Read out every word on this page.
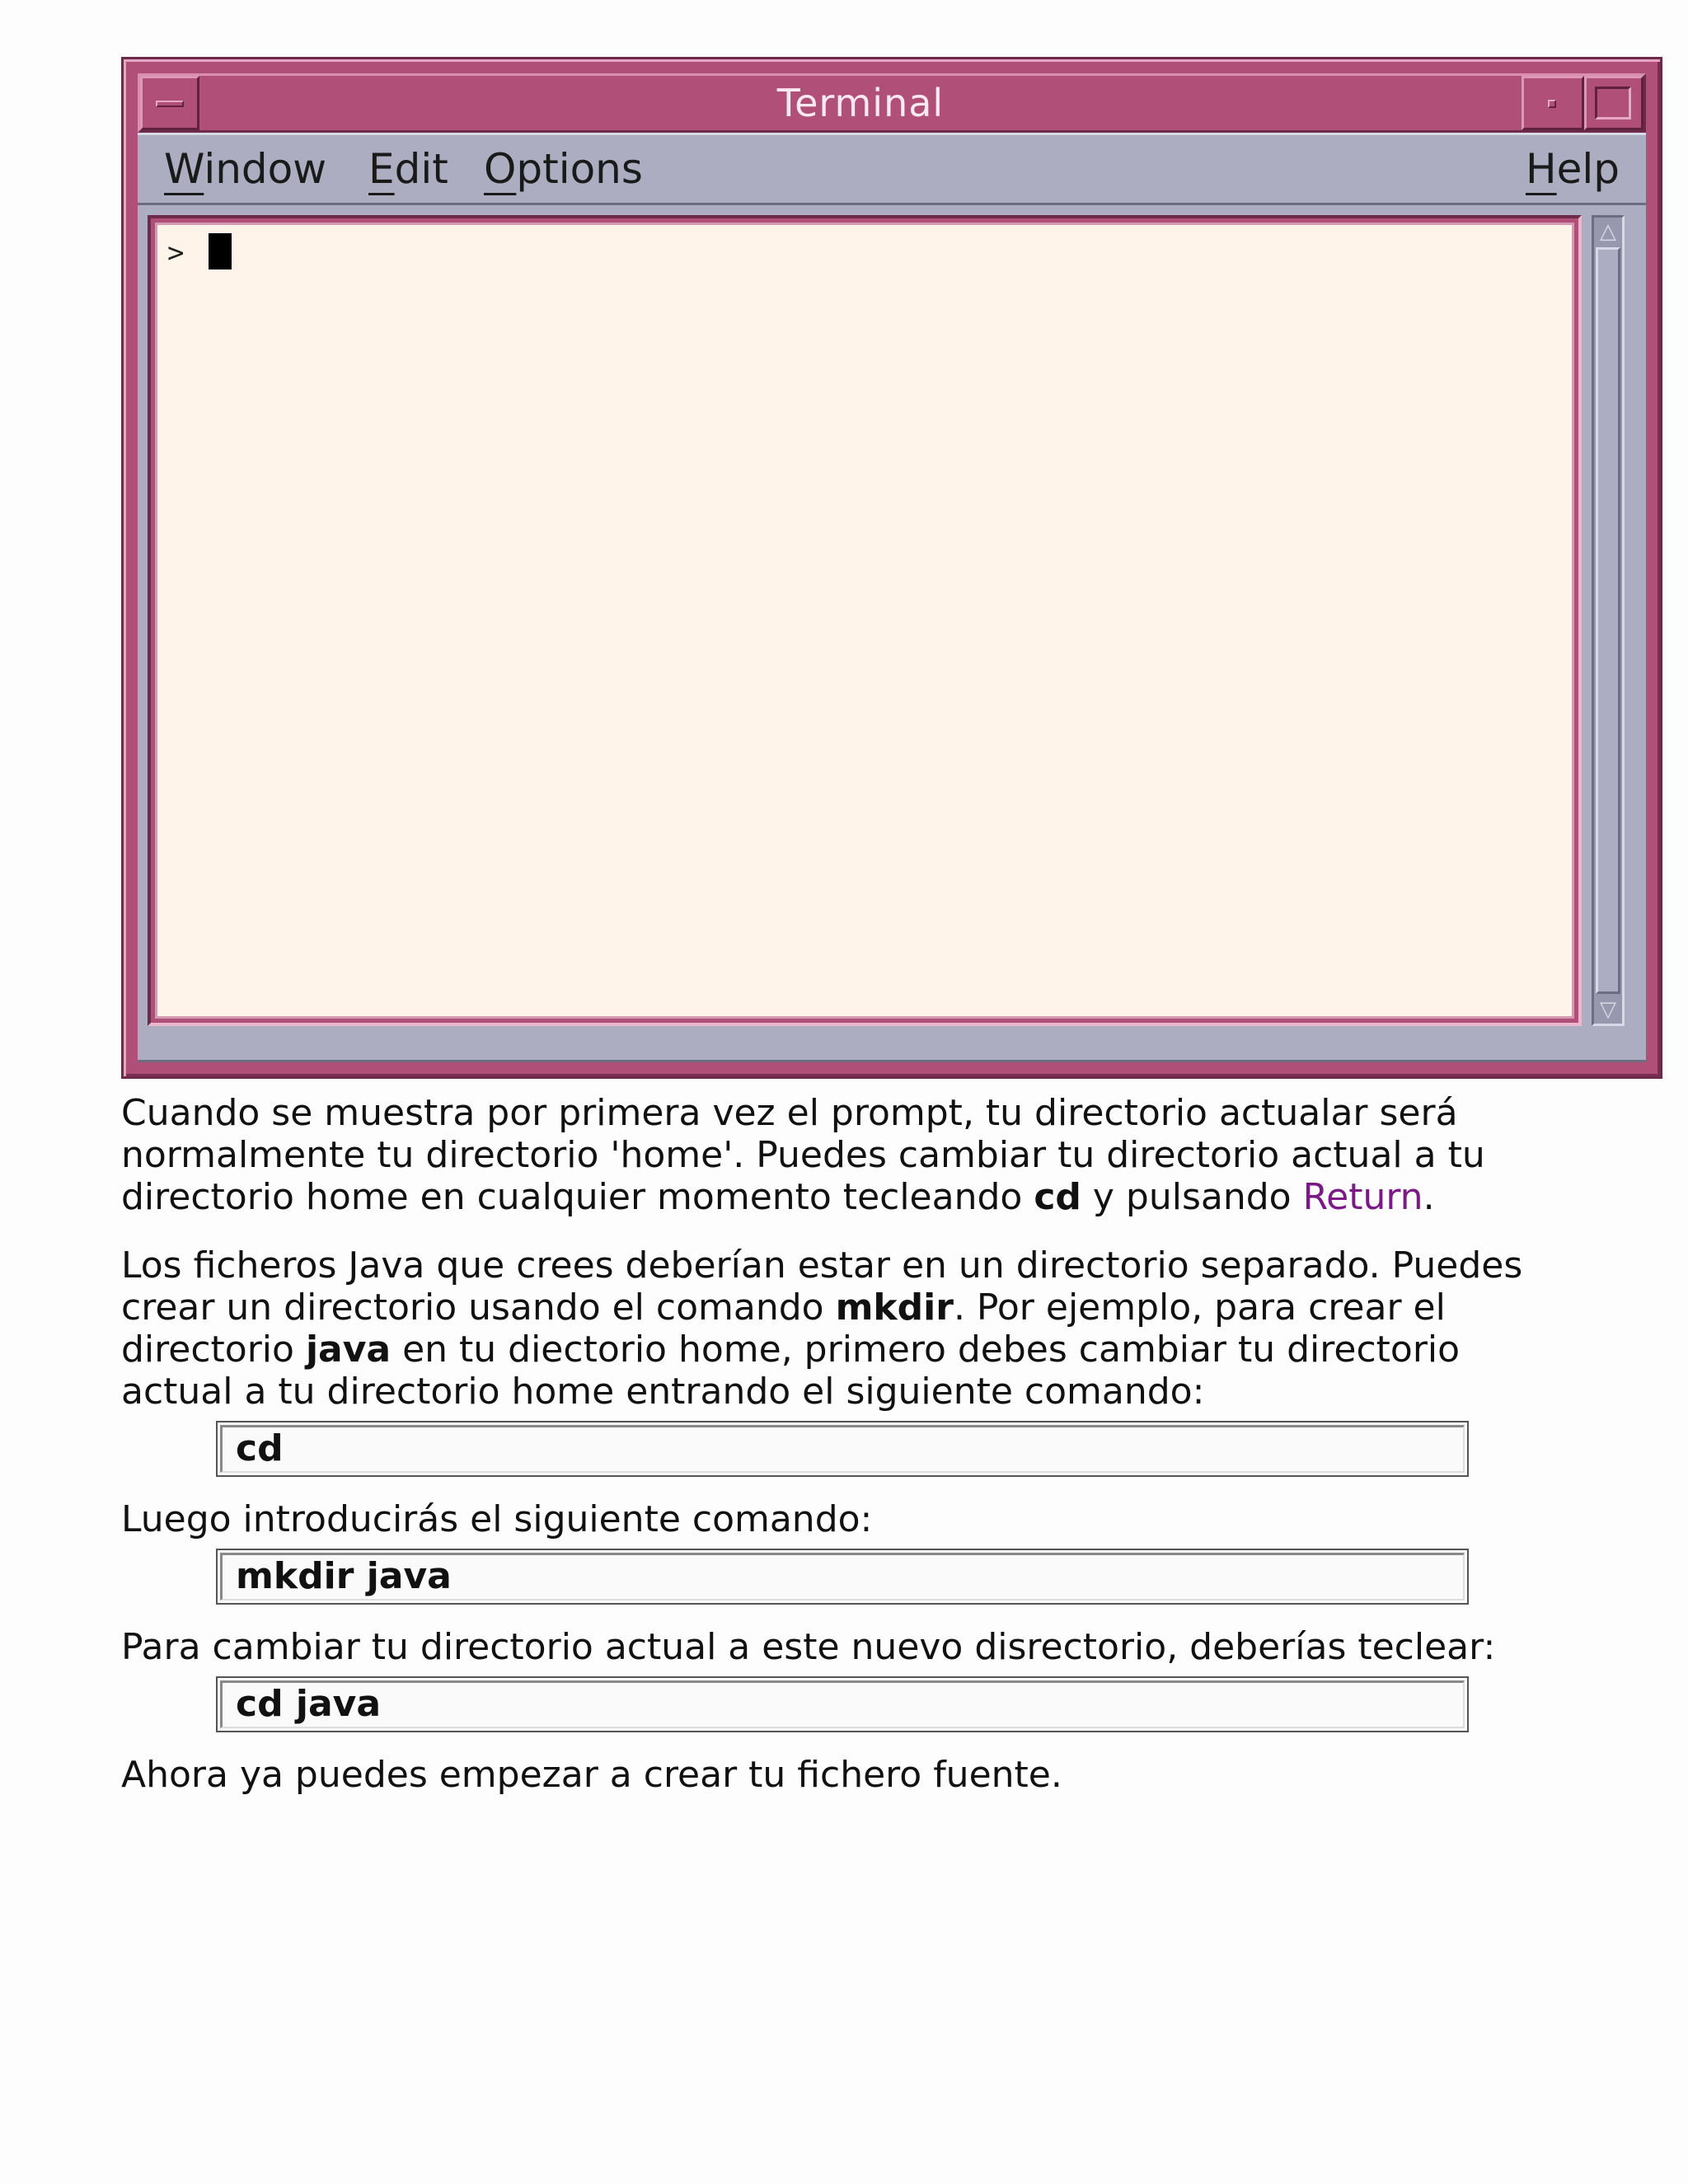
Terminal
Window Edit Options	Help
>
△
▽

Cuando se muestra por primera vez el prompt, tu directorio actualar será normalmente tu directorio 'home'. Puedes cambiar tu directorio actual a tu directorio home en cualquier momento tecleando cd y pulsando Return.

Los ficheros Java que crees deberían estar en un directorio separado. Puedes crear un directorio usando el comando mkdir. Por ejemplo, para crear el directorio java en tu diectorio home, primero debes cambiar tu directorio actual a tu directorio home entrando el siguiente comando:

cd

Luego introducirás el siguiente comando:

mkdir java

Para cambiar tu directorio actual a este nuevo disrectorio, deberías teclear:

cd java

Ahora ya puedes empezar a crear tu fichero fuente.
